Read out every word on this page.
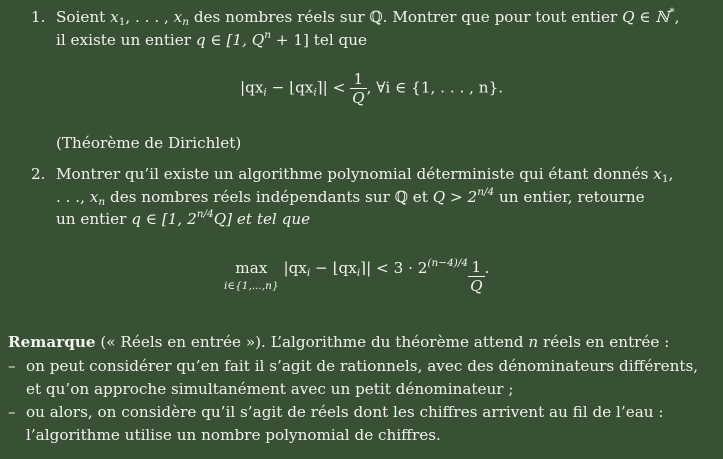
1. Soient $x_1$, . . . , $x_n$ des nombres réels sur ℚ. Montrer que pour tout entier Q ∈ ℕ*,
il existe un entier q ∈ [1, $Q^n + 1$] tel que
$|qx_i$ − $⌊qx_i⌉| < \frac{1}{Q}$ , ∀i ∈ {1, . . . , n}.
(Théorème de Dirichlet)
2. Montrer qu’il existe un algorithme polynomial déterministe qui étant donnés $x_1$,
. . ., $x_n$ des nombres réels indépendants sur ℚ et $Q > 2^{n/4}$ un entier, retourne
un entier q ∈ [1, $2^{n/4}Q$] et tel que
max
i∈{1,...,n}
$|qx_i$ − $⌊qx_i⌉| < 3 \cdot 2^{(n-4)/4} \frac{1}{Q}$ .
Remarque (« Réels en entrée »). L’algorithme du théorème attend n réels en entrée :
– on peut considérer qu’en fait il s’agit de rationnels, avec des dénominateurs différents,
et qu’on approche simultanément avec un petit dénominateur ;
– ou alors, on considère qu’il s’agit de réels dont les chiffres arrivent au fil de l’eau :
l’algorithme utilise un nombre polynomial de chiffres.
